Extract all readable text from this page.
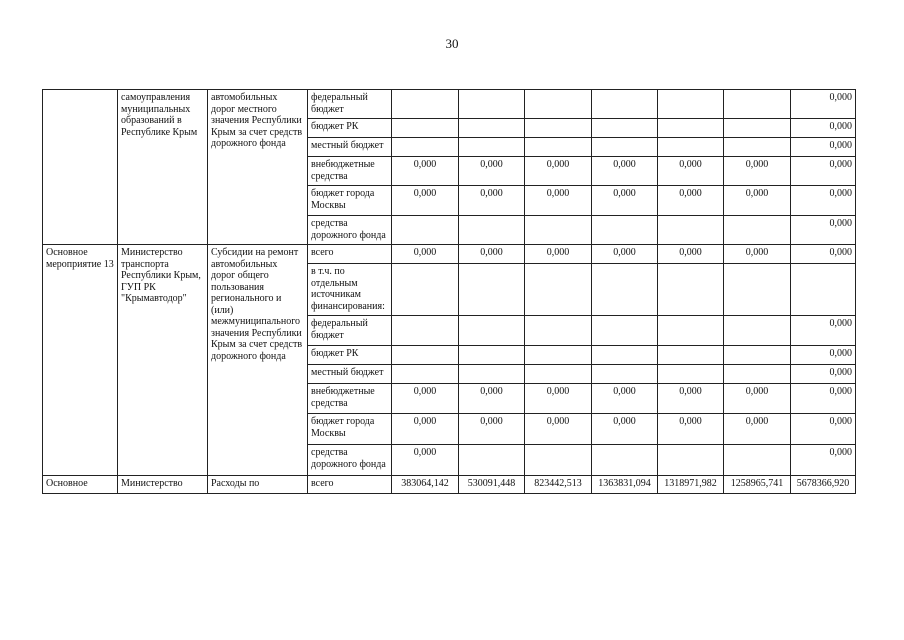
30
	самоуправления муниципальных образований в Республике Крым	автомобильных дорог местного значения Республики Крым за счет средств дорожного фонда	федеральный бюджет							0,000
			бюджет РК							0,000
			местный бюджет							0,000
			внебюджетные средства	0,000	0,000	0,000	0,000	0,000	0,000	0,000
			бюджет города Москвы	0,000	0,000	0,000	0,000	0,000	0,000	0,000
			средства дорожного фонда							0,000
Основное мероприятие 13	Министерство транспорта Республики Крым, ГУП РК "Крымавтодор"	Субсидии на ремонт автомобильных дорог общего пользования регионального и (или) межмуниципального значения Республики Крым за счет средств дорожного фонда	всего	0,000	0,000	0,000	0,000	0,000	0,000	0,000
			в т.ч. по отдельным источникам финансирования:							
			федеральный бюджет							0,000
			бюджет РК							0,000
			местный бюджет							0,000
			внебюджетные средства	0,000	0,000	0,000	0,000	0,000	0,000	0,000
			бюджет города Москвы	0,000	0,000	0,000	0,000	0,000	0,000	0,000
			средства дорожного фонда	0,000						0,000
Основное	Министерство	Расходы по	всего	383064,142	530091,448	823442,513	1363831,094	1318971,982	1258965,741	5678366,920
